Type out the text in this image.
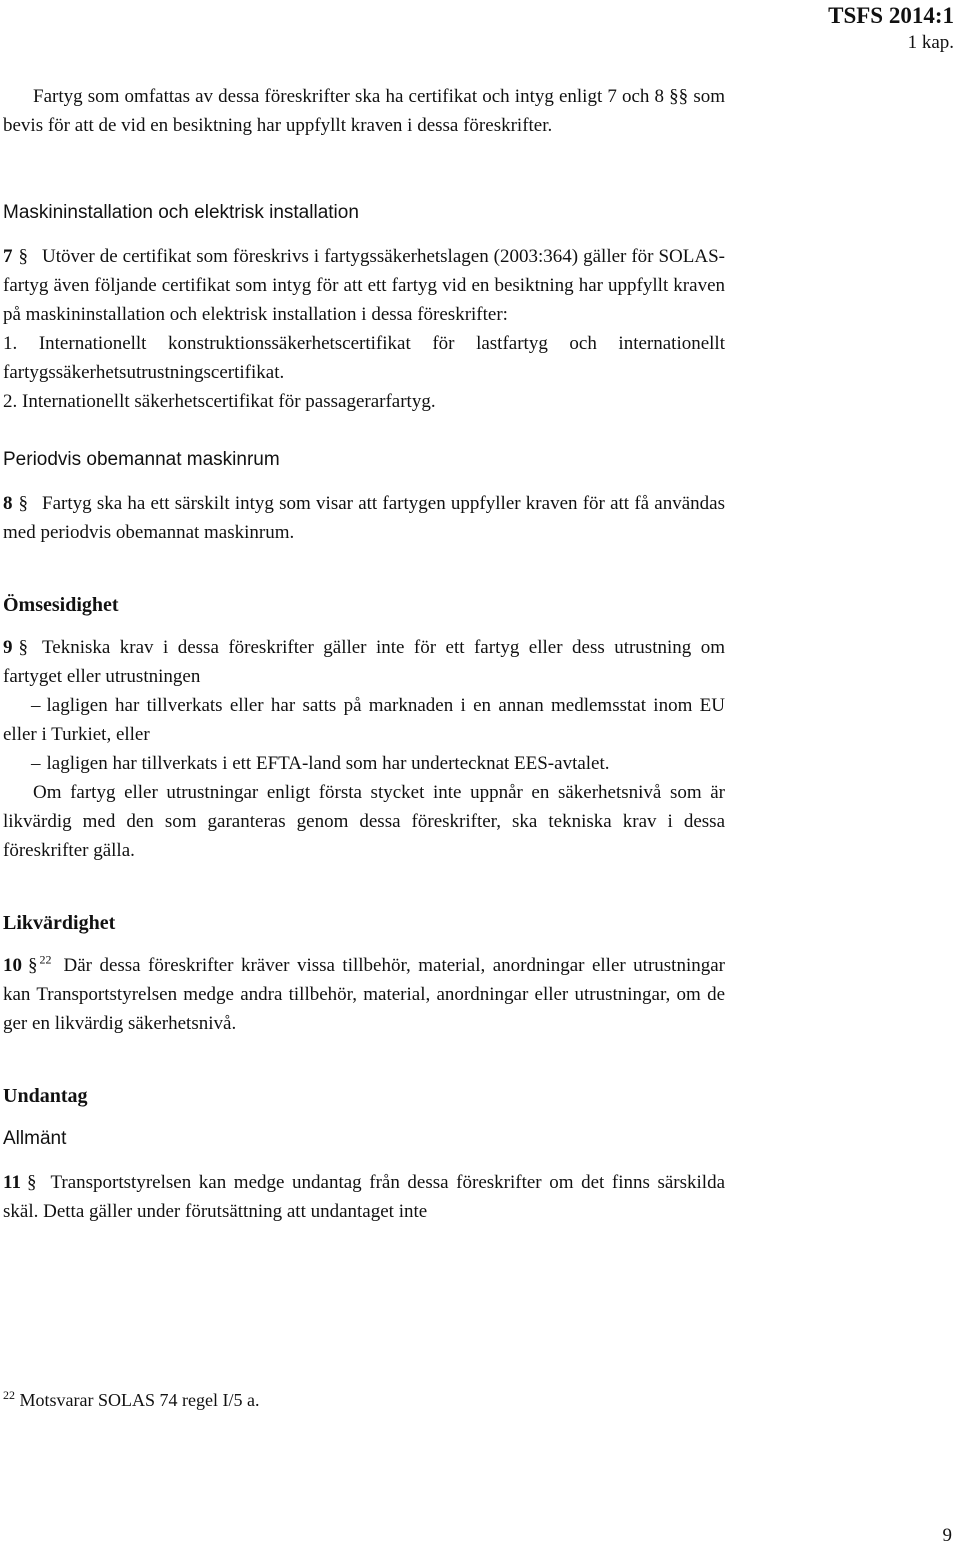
TSFS 2014:1
1 kap.

Fartyg som omfattas av dessa föreskrifter ska ha certifikat och intyg enligt 7 och 8 §§ som bevis för att de vid en besiktning har uppfyllt kraven i dessa föreskrifter.

Maskininstallation och elektrisk installation

7 § Utöver de certifikat som föreskrivs i fartygssäkerhetslagen (2003:364) gäller för SOLAS-fartyg även följande certifikat som intyg för att ett fartyg vid en besiktning har uppfyllt kraven på maskininstallation och elektrisk installation i dessa föreskrifter:

1. Internationellt konstruktionssäkerhetscertifikat för lastfartyg och internationellt fartygssäkerhetsutrustningscertifikat.

2. Internationellt säkerhetscertifikat för passagerarfartyg.

Periodvis obemannat maskinrum

8 § Fartyg ska ha ett särskilt intyg som visar att fartygen uppfyller kraven för att få användas med periodvis obemannat maskinrum.

Ömsesidighet

9 § Tekniska krav i dessa föreskrifter gäller inte för ett fartyg eller dess utrustning om fartyget eller utrustningen

– lagligen har tillverkats eller har satts på marknaden i en annan medlemsstat inom EU eller i Turkiet, eller

– lagligen har tillverkats i ett EFTA-land som har undertecknat EES-avtalet.

Om fartyg eller utrustningar enligt första stycket inte uppnår en säkerhetsnivå som är likvärdig med den som garanteras genom dessa föreskrifter, ska tekniska krav i dessa föreskrifter gälla.

Likvärdighet

10 § $^{22}$ Där dessa föreskrifter kräver vissa tillbehör, material, anordningar eller utrustningar kan Transportstyrelsen medge andra tillbehör, material, anordningar eller utrustningar, om de ger en likvärdig säkerhetsnivå.

Undantag
Allmänt

11 § Transportstyrelsen kan medge undantag från dessa föreskrifter om det finns särskilda skäl. Detta gäller under förutsättning att undantaget inte

$^{22}$ Motsvarar SOLAS 74 regel I/5 a.
9
